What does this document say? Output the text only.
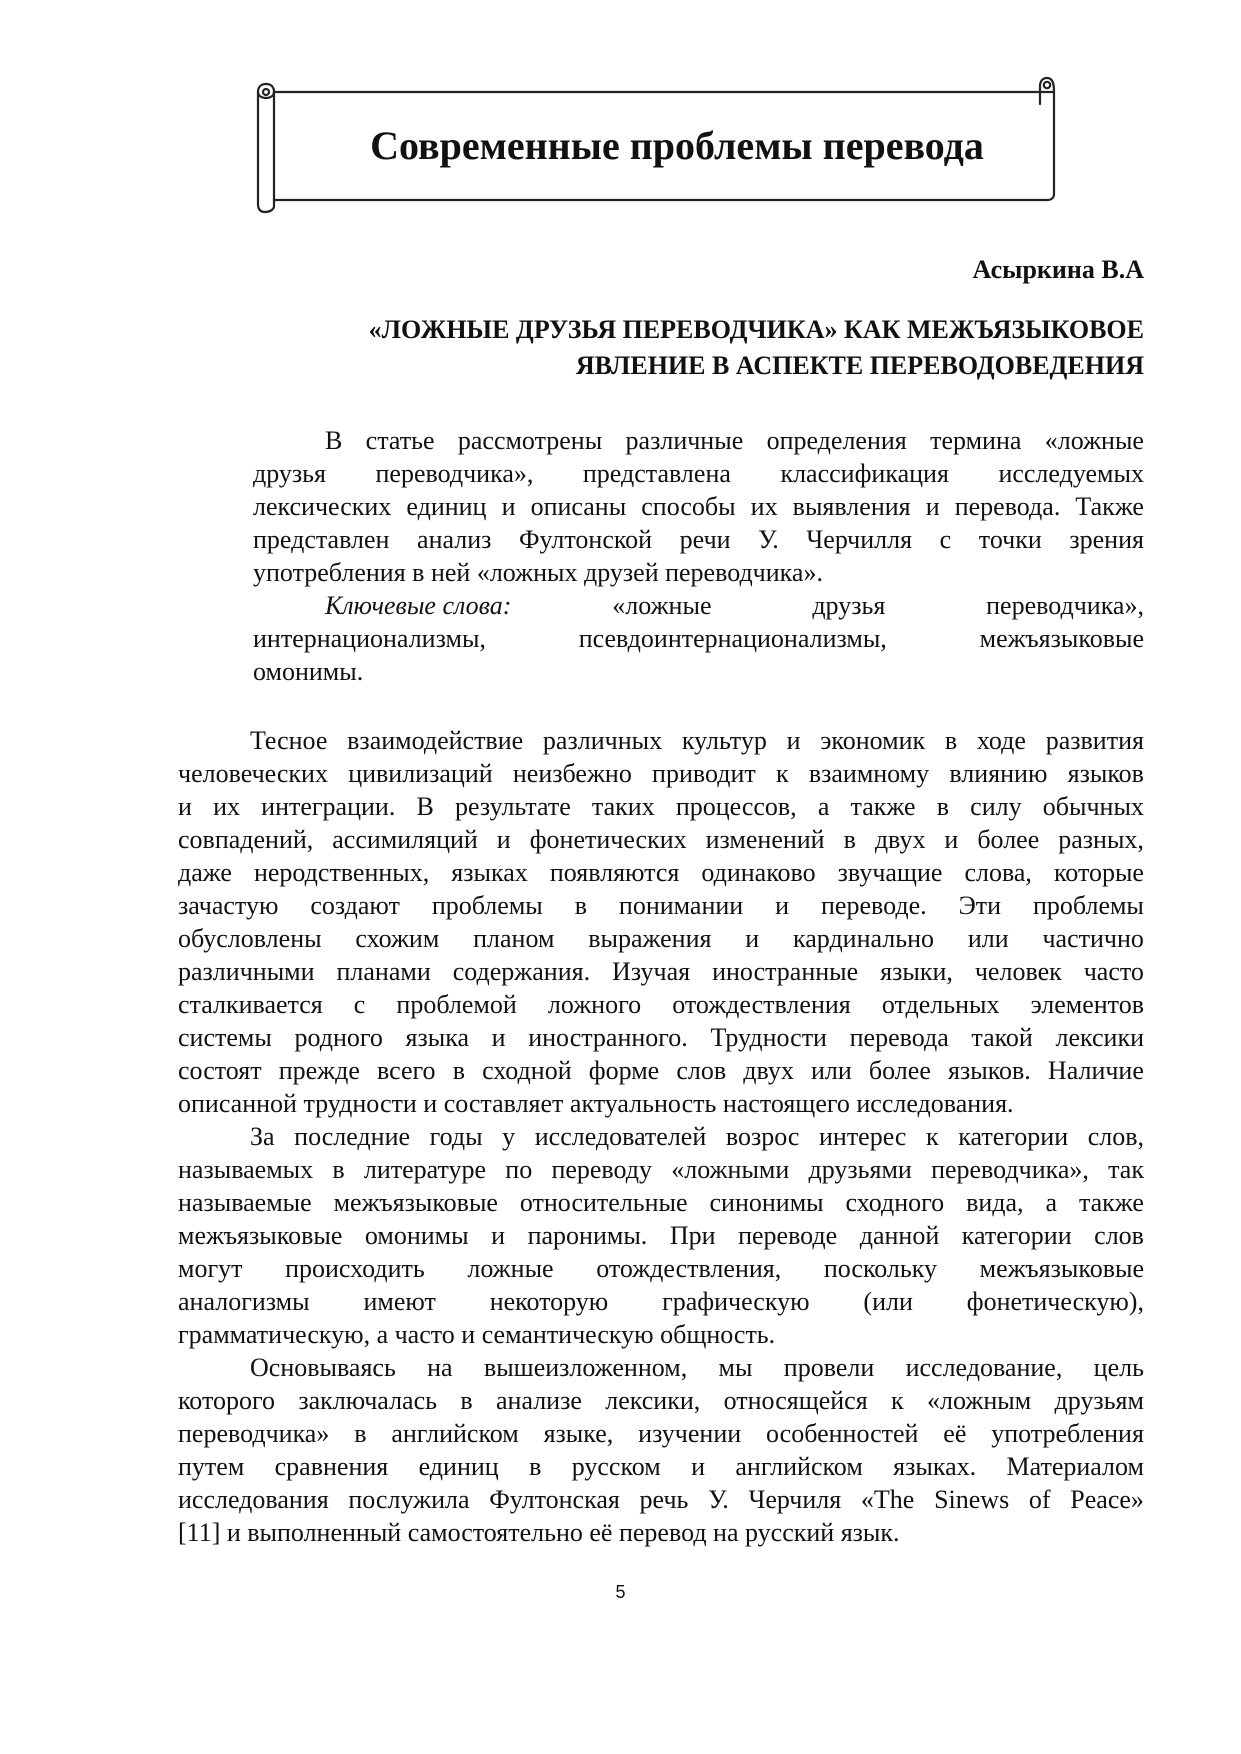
Современные проблемы перевода
Асыркина В.А
«ЛОЖНЫЕ ДРУЗЬЯ ПЕРЕВОДЧИКА» КАК МЕЖЪЯЗЫКОВОЕ
ЯВЛЕНИЕ В АСПЕКТЕ ПЕРЕВОДОВЕДЕНИЯ
В статье рассмотрены различные определения термина «ложные
друзья переводчика», представлена классификация исследуемых
лексических единиц и описаны способы их выявления и перевода. Также
представлен анализ Фултонской речи У. Черчилля с точки зрения
употребления в ней «ложных друзей переводчика».
Ключевые слова:	«ложные	друзья	переводчика»,
интернационализмы,	псевдоинтернационализмы,	межъязыковые
омонимы.
Тесное взаимодействие различных культур и экономик в ходе развития
человеческих цивилизаций неизбежно приводит к взаимному влиянию языков
и их интеграции. В результате таких процессов, а также в силу обычных
совпадений, ассимиляций и фонетических изменений в двух и более разных,
даже неродственных, языках появляются одинаково звучащие слова, которые
зачастую создают проблемы в понимании и переводе. Эти проблемы
обусловлены схожим планом выражения и кардинально или частично
различными планами содержания. Изучая иностранные языки, человек часто
сталкивается с проблемой ложного отождествления отдельных элементов
системы родного языка и иностранного. Трудности перевода такой лексики
состоят прежде всего в сходной форме слов двух или более языков. Наличие
описанной трудности и составляет актуальность настоящего исследования.
За последние годы у исследователей возрос интерес к категории слов,
называемых в литературе по переводу «ложными друзьями переводчика», так
называемые межъязыковые относительные синонимы сходного вида, а также
межъязыковые омонимы и паронимы. При переводе данной категории слов
могут происходить ложные отождествления, поскольку межъязыковые
аналогизмы имеют некоторую графическую (или фонетическую),
грамматическую, а часто и семантическую общность.
Основываясь на вышеизложенном, мы провели исследование, цель
которого заключалась в анализе лексики, относящейся к «ложным друзьям
переводчика» в английском языке, изучении особенностей её употребления
путем сравнения единиц в русском и английском языках. Материалом
исследования послужила Фултонская речь У. Черчиля «The Sinews of Peace»
[11] и выполненный самостоятельно её перевод на русский язык.
5
